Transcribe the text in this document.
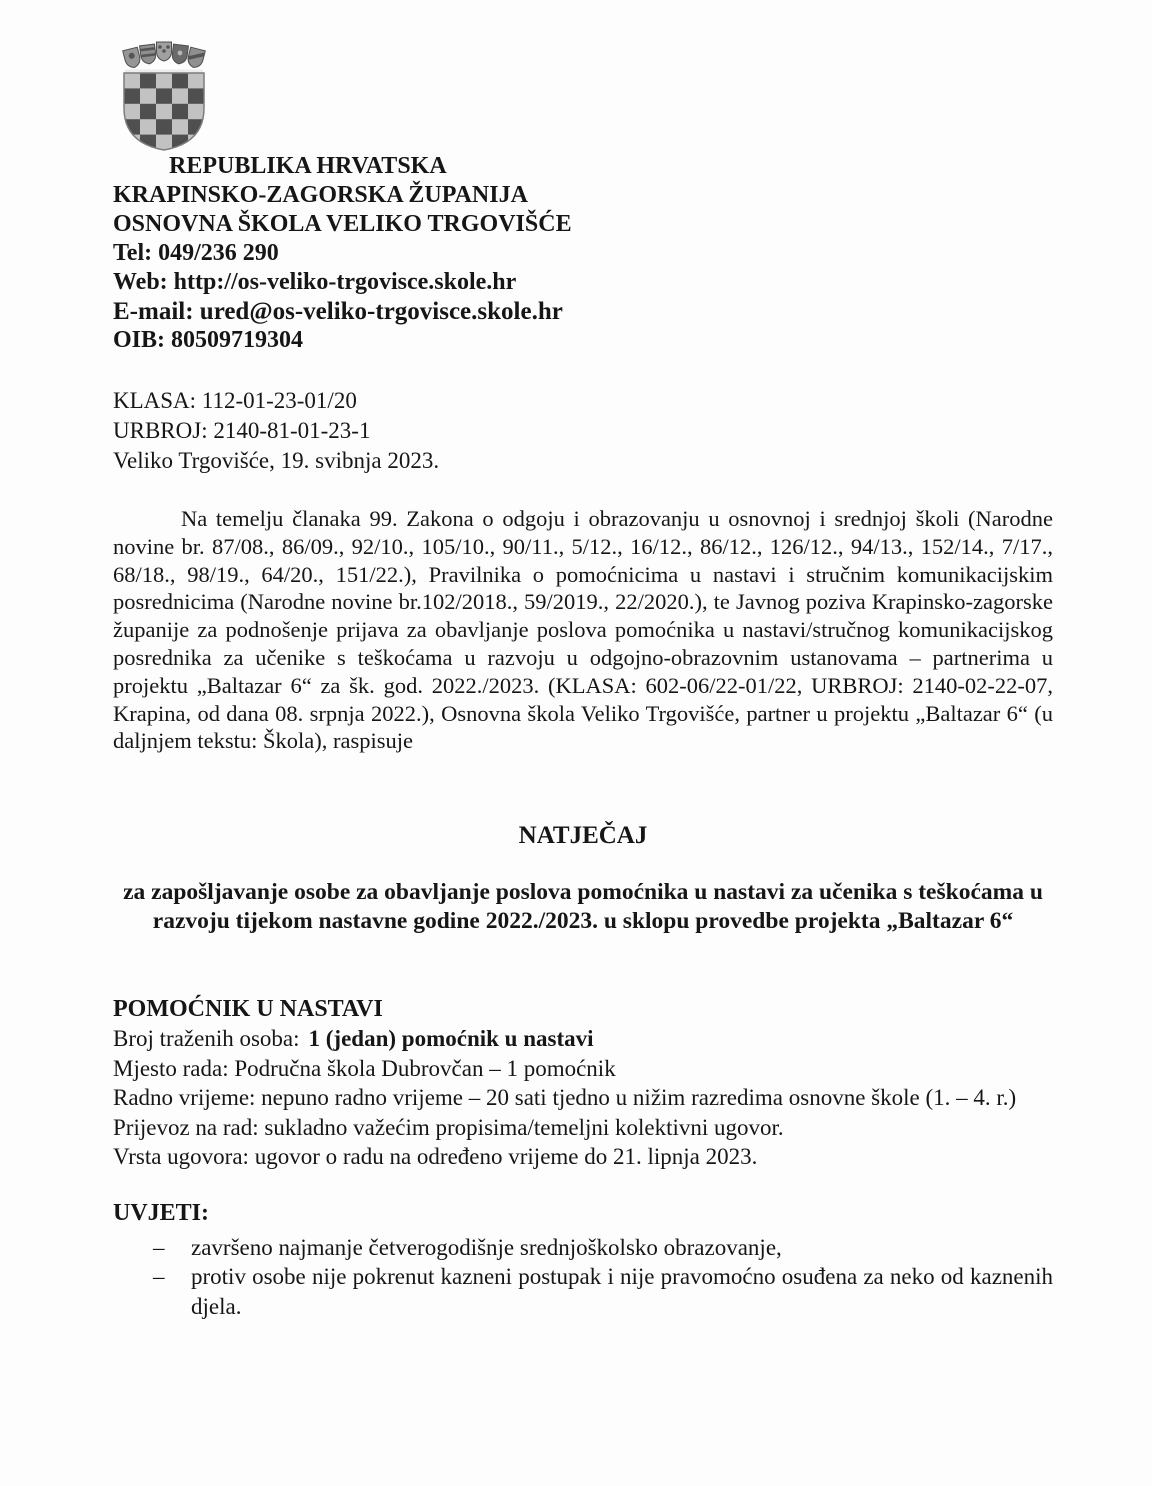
REPUBLIKA HRVATSKA
KRAPINSKO-ZAGORSKA ŽUPANIJA
OSNOVNA ŠKOLA VELIKO TRGOVIŠĆE
Tel: 049/236 290
Web: http://os-veliko-trgovisce.skole.hr
E-mail: ured@os-veliko-trgovisce.skole.hr
OIB: 80509719304
KLASA: 112-01-23-01/20
URBROJ: 2140-81-01-23-1
Veliko Trgovišće, 19. svibnja 2023.

Na temelju članaka 99. Zakona o odgoju i obrazovanju u osnovnoj i srednjoj školi (Narodne novine br. 87/08., 86/09., 92/10., 105/10., 90/11., 5/12., 16/12., 86/12., 126/12., 94/13., 152/14., 7/17., 68/18., 98/19., 64/20., 151/22.), Pravilnika o pomoćnicima u nastavi i stručnim komunikacijskim posrednicima (Narodne novine br.102/2018., 59/2019., 22/2020.), te Javnog poziva Krapinsko-zagorske županije za podnošenje prijava za obavljanje poslova pomoćnika u nastavi/stručnog komunikacijskog posrednika za učenike s teškoćama u razvoju u odgojno-obrazovnim ustanovama – partnerima u projektu „Baltazar 6“ za šk. god. 2022./2023. (KLASA: 602-06/22-01/22, URBROJ: 2140-02-22-07, Krapina, od dana 08. srpnja 2022.), Osnovna škola Veliko Trgovišće, partner u projektu „Baltazar 6“ (u daljnjem tekstu: Škola), raspisuje

NATJEČAJ
za zapošljavanje osobe za obavljanje poslova pomoćnika u nastavi za učenika s teškoćama u razvoju tijekom nastavne godine 2022./2023. u sklopu provedbe projekta „Baltazar 6“
POMOĆNIK U NASTAVI
Broj traženih osoba: 1 (jedan) pomoćnik u nastavi
Mjesto rada: Područna škola Dubrovčan – 1 pomoćnik
Radno vrijeme: nepuno radno vrijeme – 20 sati tjedno u nižim razredima osnovne škole (1. – 4. r.)
Prijevoz na rad: sukladno važećim propisima/temeljni kolektivni ugovor.
Vrsta ugovora: ugovor o radu na određeno vrijeme do 21. lipnja 2023.
UVJETI:
– završeno najmanje četverogodišnje srednjoškolsko obrazovanje,
– protiv osobe nije pokrenut kazneni postupak i nije pravomoćno osuđena za neko od kaznenih djela.
